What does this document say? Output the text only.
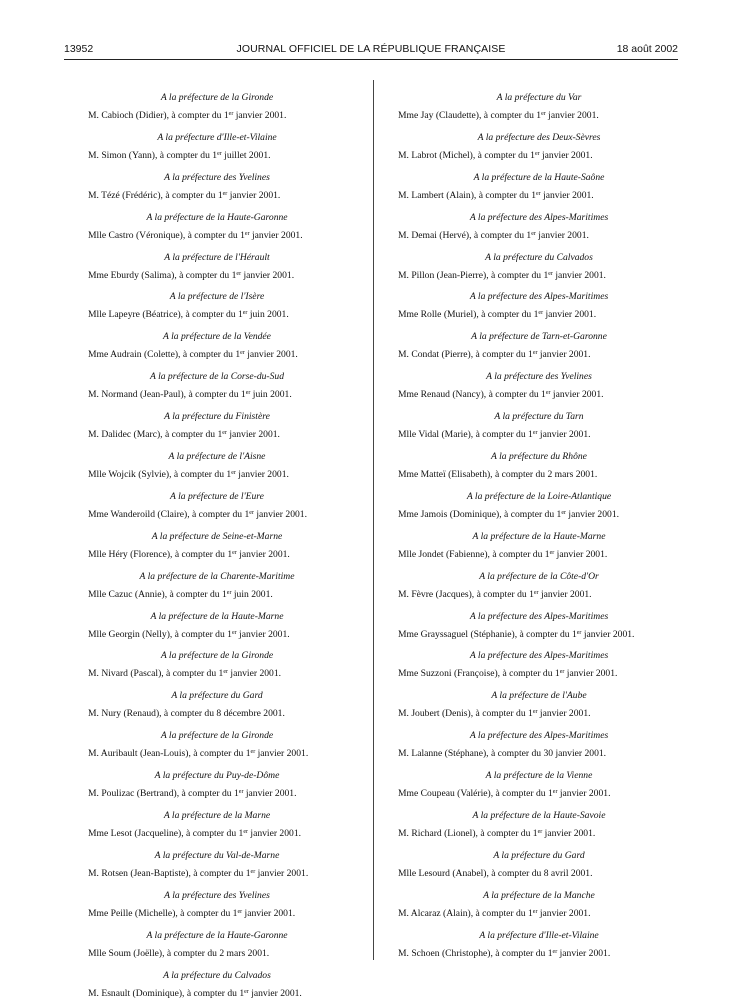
13952	JOURNAL OFFICIEL DE LA RÉPUBLIQUE FRANÇAISE	18 août 2002
A la préfecture de la Gironde
M. Cabioch (Didier), à compter du 1er janvier 2001.
A la préfecture d'Ille-et-Vilaine
M. Simon (Yann), à compter du 1er juillet 2001.
A la préfecture des Yvelines
M. Tézé (Frédéric), à compter du 1er janvier 2001.
A la préfecture de la Haute-Garonne
Mlle Castro (Véronique), à compter du 1er janvier 2001.
A la préfecture de l'Hérault
Mme Eburdy (Salima), à compter du 1er janvier 2001.
A la préfecture de l'Isère
Mlle Lapeyre (Béatrice), à compter du 1er juin 2001.
A la préfecture de la Vendée
Mme Audrain (Colette), à compter du 1er janvier 2001.
A la préfecture de la Corse-du-Sud
M. Normand (Jean-Paul), à compter du 1er juin 2001.
A la préfecture du Finistère
M. Dalidec (Marc), à compter du 1er janvier 2001.
A la préfecture de l'Aisne
Mlle Wojcik (Sylvie), à compter du 1er janvier 2001.
A la préfecture de l'Eure
Mme Wanderoild (Claire), à compter du 1er janvier 2001.
A la préfecture de Seine-et-Marne
Mlle Héry (Florence), à compter du 1er janvier 2001.
A la préfecture de la Charente-Maritime
Mlle Cazuc (Annie), à compter du 1er juin 2001.
A la préfecture de la Haute-Marne
Mlle Georgin (Nelly), à compter du 1er janvier 2001.
A la préfecture de la Gironde
M. Nivard (Pascal), à compter du 1er janvier 2001.
A la préfecture du Gard
M. Nury (Renaud), à compter du 8 décembre 2001.
A la préfecture de la Gironde
M. Auribault (Jean-Louis), à compter du 1er janvier 2001.
A la préfecture du Puy-de-Dôme
M. Poulizac (Bertrand), à compter du 1er janvier 2001.
A la préfecture de la Marne
Mme Lesot (Jacqueline), à compter du 1er janvier 2001.
A la préfecture du Val-de-Marne
M. Rotsen (Jean-Baptiste), à compter du 1er janvier 2001.
A la préfecture des Yvelines
Mme Peille (Michelle), à compter du 1er janvier 2001.
A la préfecture de la Haute-Garonne
Mlle Soum (Joëlle), à compter du 2 mars 2001.
A la préfecture du Calvados
M. Esnault (Dominique), à compter du 1er janvier 2001.
A la préfecture du Var
Mme Jay (Claudette), à compter du 1er janvier 2001.
A la préfecture des Deux-Sèvres
M. Labrot (Michel), à compter du 1er janvier 2001.
A la préfecture de la Haute-Saône
M. Lambert (Alain), à compter du 1er janvier 2001.
A la préfecture des Alpes-Maritimes
M. Demai (Hervé), à compter du 1er janvier 2001.
A la préfecture du Calvados
M. Pillon (Jean-Pierre), à compter du 1er janvier 2001.
A la préfecture des Alpes-Maritimes
Mme Rolle (Muriel), à compter du 1er janvier 2001.
A la préfecture de Tarn-et-Garonne
M. Condat (Pierre), à compter du 1er janvier 2001.
A la préfecture des Yvelines
Mme Renaud (Nancy), à compter du 1er janvier 2001.
A la préfecture du Tarn
Mlle Vidal (Marie), à compter du 1er janvier 2001.
A la préfecture du Rhône
Mme Matteï (Elisabeth), à compter du 2 mars 2001.
A la préfecture de la Loire-Atlantique
Mme Jamois (Dominique), à compter du 1er janvier 2001.
A la préfecture de la Haute-Marne
Mlle Jondet (Fabienne), à compter du 1er janvier 2001.
A la préfecture de la Côte-d'Or
M. Fèvre (Jacques), à compter du 1er janvier 2001.
A la préfecture des Alpes-Maritimes
Mme Grayssaguel (Stéphanie), à compter du 1er janvier 2001.
A la préfecture des Alpes-Maritimes
Mme Suzzoni (Françoise), à compter du 1er janvier 2001.
A la préfecture de l'Aube
M. Joubert (Denis), à compter du 1er janvier 2001.
A la préfecture des Alpes-Maritimes
M. Lalanne (Stéphane), à compter du 30 janvier 2001.
A la préfecture de la Vienne
Mme Coupeau (Valérie), à compter du 1er janvier 2001.
A la préfecture de la Haute-Savoie
M. Richard (Lionel), à compter du 1er janvier 2001.
A la préfecture du Gard
Mlle Lesourd (Anabel), à compter du 8 avril 2001.
A la préfecture de la Manche
M. Alcaraz (Alain), à compter du 1er janvier 2001.
A la préfecture d'Ille-et-Vilaine
M. Schoen (Christophe), à compter du 1er janvier 2001.
